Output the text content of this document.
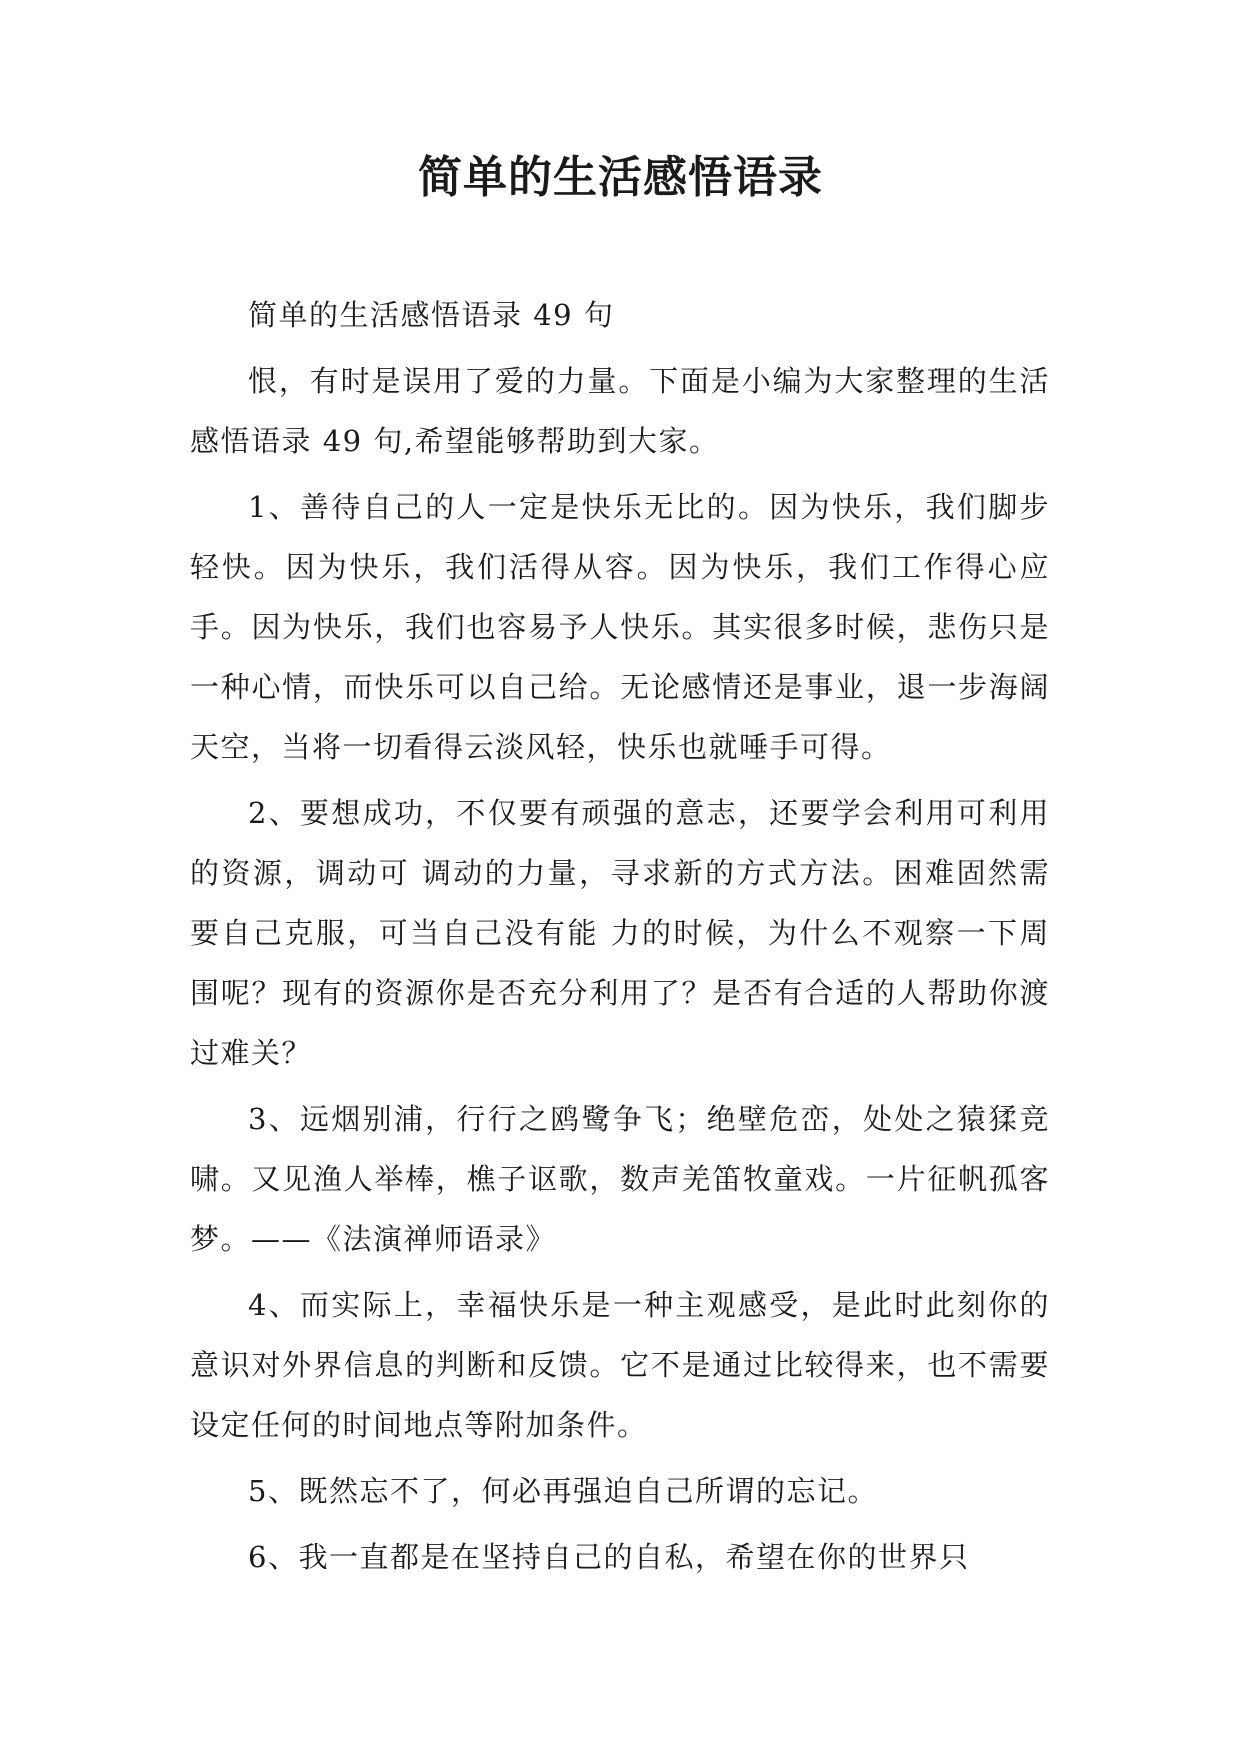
简单的生活感悟语录

简单的生活感悟语录 49 句

恨，有时是误用了爱的力量。下面是小编为大家整理的生活感悟语录 49 句,希望能够帮助到大家。

1、善待自己的人一定是快乐无比的。因为快乐，我们脚步轻快。因为快乐，我们活得从容。因为快乐，我们工作得心应手。因为快乐，我们也容易予人快乐。其实很多时候，悲伤只是一种心情，而快乐可以自己给。无论感情还是事业，退一步海阔天空，当将一切看得云淡风轻，快乐也就唾手可得。

2、要想成功，不仅要有顽强的意志，还要学会利用可利用的资源，调动可 调动的力量，寻求新的方式方法。困难固然需要自己克服，可当自己没有能 力的时候，为什么不观察一下周围呢？现有的资源你是否充分利用了？是否有合适的人帮助你渡过难关？

3、远烟别浦，行行之鸥鹭争飞；绝壁危峦，处处之猿猱竞啸。又见渔人举棒，樵子讴歌，数声羌笛牧童戏。一片征帆孤客梦。——《法演禅师语录》

4、而实际上，幸福快乐是一种主观感受，是此时此刻你的意识对外界信息的判断和反馈。它不是通过比较得来，也不需要设定任何的时间地点等附加条件。

5、既然忘不了，何必再强迫自己所谓的忘记。

6、我一直都是在坚持自己的自私，希望在你的世界只
